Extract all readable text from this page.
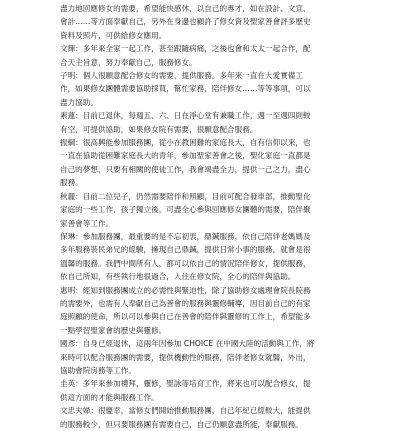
盡力地回應修女的需要，希望能快感休，以自己的專才，如在設計、文宣、會計……等方面奉獻自己，另外在身邊也顧許了修女資及聖家善會評多歷史資料及照片，可供給修女應用。
文輝：多年來全家一起工作，甚至跟隨病痛，之後也會和太太一起合作，配合天主旨意，努力奉獻自己，服務修女。
子明：個人很願意配合修女的需要，提供服務。多年來一直在大愛實備工作，如果修女團體需要協助採買，幫忙家務，陪伴修女……等等事項，可以盡力協助。
素蓮：目前已退休，每週五、六、日在淨心堂有兼職工作，週一至週四則較有空，可提供協助，如果修女院有需要，很願意配合服務。
振綱：很高興能參加服務團，從小在教困難的家庭長大，自有信仰以來，也一直在協助從困難家庭長大的青年，參加聖家善會之後，聖化家庭一直都是自己的夢想，只要有相關的使徒工作，我會竭盡全力，提供一己之力，盡心服務。
秋麗：目前二位兒子，仍然需要陪伴和照顧，目前可配合發車部，推動聖化家庭的一些工作，孩子獨立後，可盡全心參與回應修女團體的需要，陪伴聚家善會等工作。
保琳：參加服務團，最重要的是不忘初衷，鼎鍼服務，依自己陪伴老媽媽及多年服務裝民弟兄的經驗，擁現自己鼎鍼，提供日常小事的服務，就會是很溫馨的服務。我們中間所有人，都可以依自己的情況陪伴修女，提供服務，依自己所知，有些執行地很過合，入住在修女院，全心的陪伴與協助。
惠明：經知到服務團成立的必需性與緊迫性，除了協助修女處理會院長院務的需要外，也需有人奉獻自己為善會的服務與靈修輔導，因目前自己的有家庭照顧的使命，所以可以參與自己在善會的陪伴與靈修的工作上，希望能多一點學習聖家會的歷史與靈修。
國彥：自身已經退休，這兩年因參加 CHOICE 在中國大陸的活動與工作，將來時可以配合服務團的需要，提供機動性的服務，陪伴老修女就醫，外出，協助會院房務等工作。
圭英：多年來參加禮拜，靈修，聖詠等培育工作，將來也可以配合修女，提供這方面的才能與服務工作。
文忠夫婦：很慶幸，當修女們開始推動服務團，自己年紀已經較大，能提供的服務較少，但只要服務團有需要自己，自己仍願意盡所能，奉獻服務。
